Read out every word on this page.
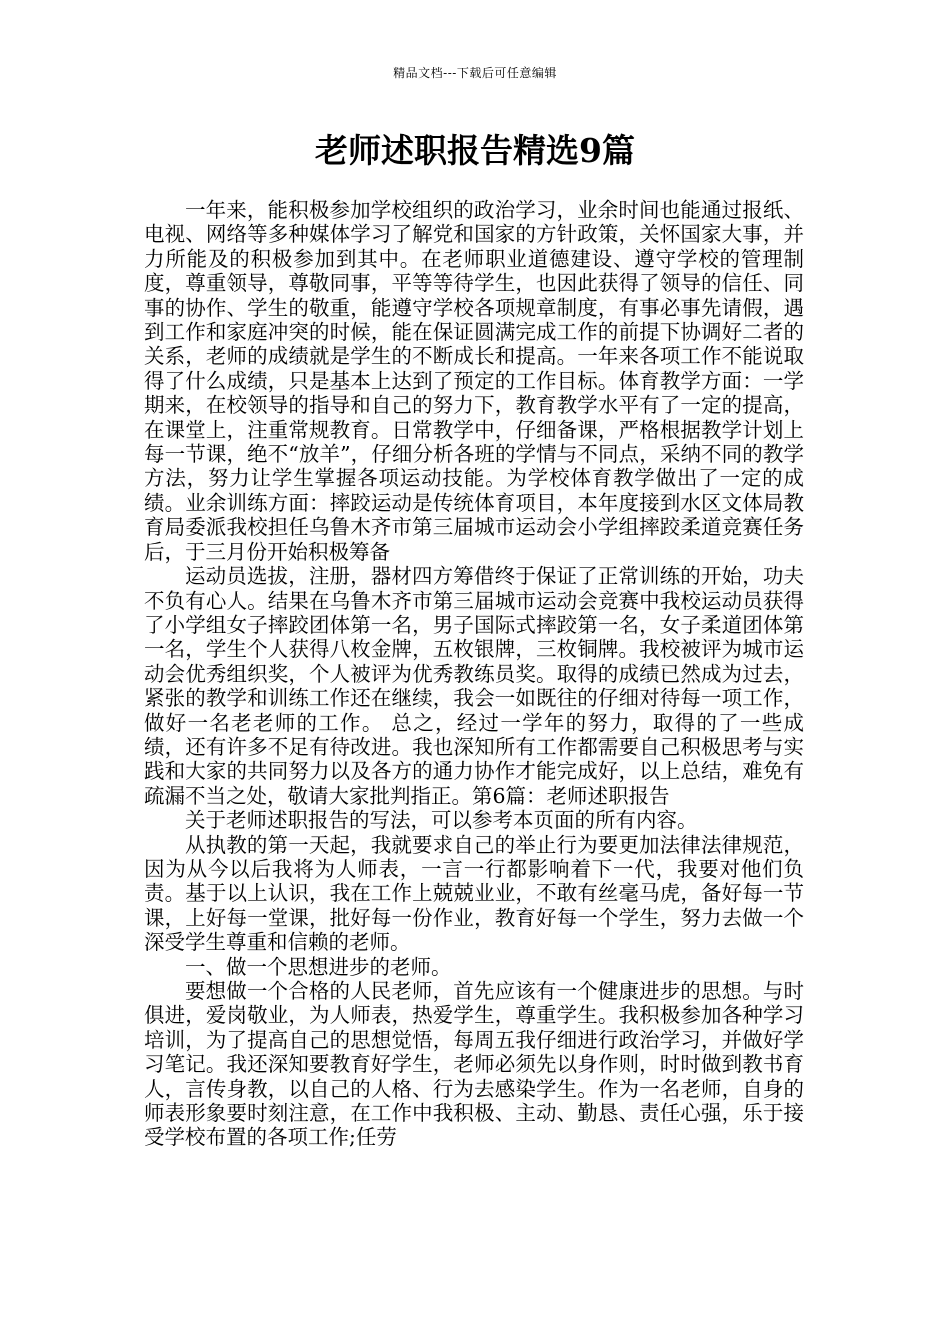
精品文档---下载后可任意编辑
老师述职报告精选9篇

一年来，能积极参加学校组织的政治学习，业余时间也能通过报纸、电视、网络等多种媒体学习了解党和国家的方针政策，关怀国家大事，并力所能及的积极参加到其中。在老师职业道德建设、遵守学校的管理制度，尊重领导，尊敬同事，平等等待学生，也因此获得了领导的信任、同事的协作、学生的敬重，能遵守学校各项规章制度，有事必事先请假，遇到工作和家庭冲突的时候，能在保证圆满完成工作的前提下协调好二者的关系，老师的成绩就是学生的不断成长和提高。一年来各项工作不能说取得了什么成绩，只是基本上达到了预定的工作目标。体育教学方面：一学期来，在校领导的指导和自己的努力下，教育教学水平有了一定的提高，在课堂上，注重常规教育。日常教学中，仔细备课，严格根据教学计划上每一节课，绝不“放羊”，仔细分析各班的学情与不同点，采纳不同的教学方法，努力让学生掌握各项运动技能。为学校体育教学做出了一定的成绩。业余训练方面：摔跤运动是传统体育项目，本年度接到水区文体局教育局委派我校担任乌鲁木齐市第三届城市运动会小学组摔跤柔道竞赛任务后，于三月份开始积极筹备

运动员选拔，注册，器材四方筹借终于保证了正常训练的开始，功夫不负有心人。结果在乌鲁木齐市第三届城市运动会竞赛中我校运动员获得了小学组女子摔跤团体第一名，男子国际式摔跤第一名，女子柔道团体第一名，学生个人获得八枚金牌，五枚银牌，三枚铜牌。我校被评为城市运动会优秀组织奖，个人被评为优秀教练员奖。取得的成绩已然成为过去，紧张的教学和训练工作还在继续，我会一如既往的仔细对待每一项工作，做好一名老老师的工作。 总之，经过一学年的努力，取得的了一些成绩，还有许多不足有待改进。我也深知所有工作都需要自己积极思考与实践和大家的共同努力以及各方的通力协作才能完成好，以上总结，难免有疏漏不当之处，敬请大家批判指正。第6篇：老师述职报告

关于老师述职报告的写法，可以参考本页面的所有内容。

从执教的第一天起，我就要求自己的举止行为要更加法律法律规范，因为从今以后我将为人师表，一言一行都影响着下一代，我要对他们负责。基于以上认识，我在工作上兢兢业业，不敢有丝毫马虎，备好每一节课，上好每一堂课，批好每一份作业，教育好每一个学生，努力去做一个深受学生尊重和信赖的老师。

一、做一个思想进步的老师。

要想做一个合格的人民老师，首先应该有一个健康进步的思想。与时俱进，爱岗敬业，为人师表，热爱学生，尊重学生。我积极参加各种学习培训，为了提高自己的思想觉悟，每周五我仔细进行政治学习，并做好学习笔记。我还深知要教育好学生，老师必须先以身作则，时时做到教书育人，言传身教，以自己的人格、行为去感染学生。作为一名老师，自身的师表形象要时刻注意，在工作中我积极、主动、勤恳、责任心强，乐于接受学校布置的各项工作;任劳
